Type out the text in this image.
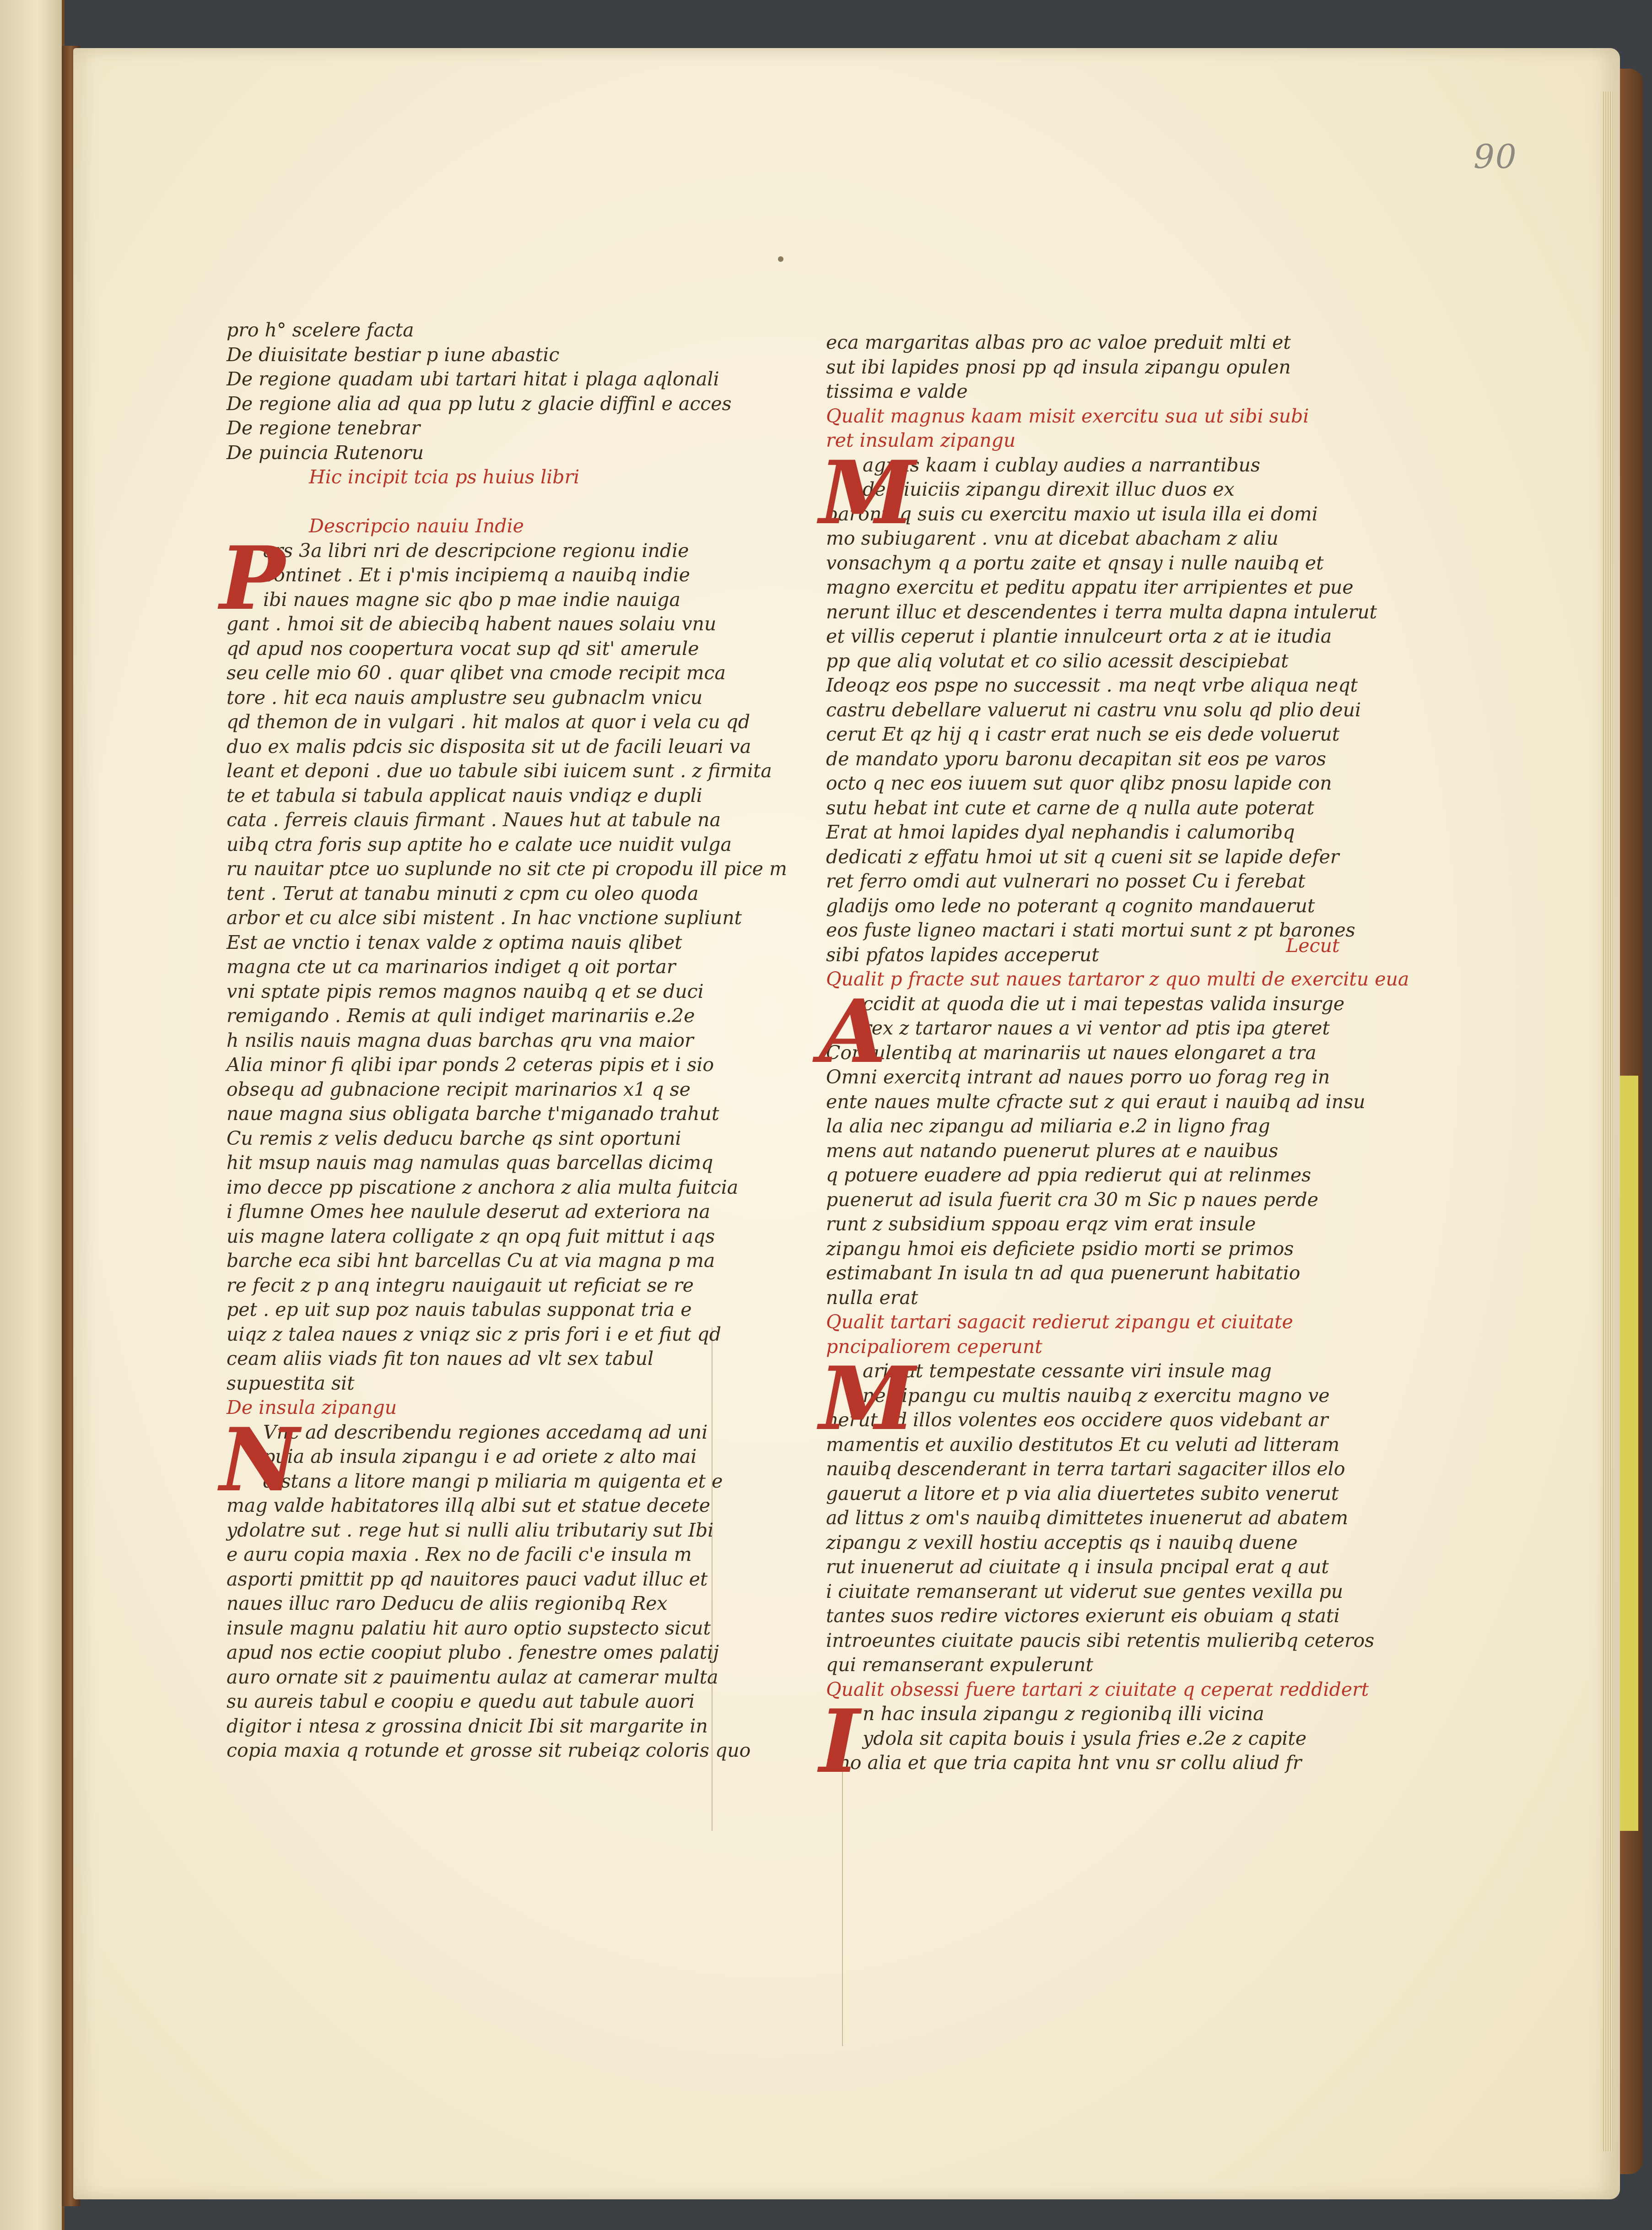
90
pro h° scelere facta
De diuisitate bestiar p iune abastic
De regione quadam ubi tartari hitat i plaga aqlonali
De regione alia ad qua pp lutu z glacie diffinl e acces
De regione tenebrar
De puincia Rutenoru
Hic incipit tcia ps huius libri
Descripcio nauiu Indie
ars 3a libri nri de descripcione regionu indie
continet . Et i p'mis incipiemq a nauibq indie
ibi naues magne sic qbo p mae indie nauiga
gant . hmoi sit de abiecibq habent naues solaiu vnu
qd apud nos coopertura vocat sup qd sit' amerule
seu celle mio 60 . quar qlibet vna cmode recipit mca
tore . hit eca nauis amplustre seu gubnaclm vnicu
qd themon de in vulgari . hit malos at quor i vela cu qd
duo ex malis pdcis sic disposita sit ut de facili leuari va
leant et deponi . due uo tabule sibi iuicem sunt . z firmita
te et tabula si tabula applicat nauis vndiqz e dupli
cata . ferreis clauis firmant . Naues hut at tabule na
uibq ctra foris sup aptite ho e calate uce nuidit vulga
ru nauitar ptce uo suplunde no sit cte pi cropodu ill pice m
tent . Terut at tanabu minuti z cpm cu oleo quoda
arbor et cu alce sibi mistent . In hac vnctione supliunt
Est ae vnctio i tenax valde z optima nauis qlibet
magna cte ut ca marinarios indiget q oit portar
vni sptate pipis remos magnos nauibq q et se duci
remigando . Remis at quli indiget marinariis e.2e
h nsilis nauis magna duas barchas qru vna maior
Alia minor fi qlibi ipar ponds 2 ceteras pipis et i sio
obsequ ad gubnacione recipit marinarios x1 q se
naue magna sius obligata barche t'miganado trahut
Cu remis z velis deducu barche qs sint oportuni
hit msup nauis mag namulas quas barcellas dicimq
imo decce pp piscatione z anchora z alia multa fuitcia
i flumne Omes hee naulule deserut ad exteriora na
uis magne latera colligate z qn opq fuit mittut i aqs
barche eca sibi hnt barcellas Cu at via magna p ma
re fecit z p anq integru nauigauit ut reficiat se re
pet . ep uit sup poz nauis tabulas supponat tria e
uiqz z talea naues z vniqz sic z pris fori i e et fiut qd
ceam aliis viads fit ton naues ad vlt sex tabul
supuestita sit
P
De insula zipangu
Vnc ad describendu regiones accedamq ad uni
puia ab insula zipangu i e ad oriete z alto mai
distans a litore mangi p miliaria m quigenta et e
mag valde habitatores illq albi sut et statue decete
ydolatre sut . rege hut si nulli aliu tributariy sut Ibi
e auru copia maxia . Rex no de facili c'e insula m
asporti pmittit pp qd nauitores pauci vadut illuc et
naues illuc raro Deducu de aliis regionibq Rex
insule magnu palatiu hit auro optio supstecto sicut
apud nos ectie coopiut plubo . fenestre omes palatij
auro ornate sit z pauimentu aulaz at camerar multa
su aureis tabul e coopiu e quedu aut tabule auori
digitor i ntesa z grossina dnicit Ibi sit margarite in
copia maxia q rotunde et grosse sit rubeiqz coloris quo
N
eca margaritas albas pro ac valoe preduit mlti et
sut ibi lapides pnosi pp qd insula zipangu opulen
tissima e valde
Qualit magnus kaam misit exercitu sua ut sibi subi
ret insulam zipangu
agnus kaam i cublay audies a narrantibus
de diuiciis zipangu direxit illuc duos ex
baronibq suis cu exercitu maxio ut isula illa ei domi
mo subiugarent . vnu at dicebat abacham z aliu
vonsachym q a portu zaite et qnsay i nulle nauibq et
magno exercitu et peditu appatu iter arripientes et pue
nerunt illuc et descendentes i terra multa dapna intulerut
et villis ceperut i plantie innulceurt orta z at ie itudia
pp que aliq volutat et co silio acessit descipiebat
Ideoqz eos pspe no successit . ma neqt vrbe aliqua neqt
castru debellare valuerut ni castru vnu solu qd plio deui
cerut Et qz hij q i castr erat nuch se eis dede voluerut
de mandato yporu baronu decapitan sit eos pe varos
octo q nec eos iuuem sut quor qlibz pnosu lapide con
sutu hebat int cute et carne de q nulla aute poterat
Erat at hmoi lapides dyal nephandis i calumoribq
dedicati z effatu hmoi ut sit q cueni sit se lapide defer
ret ferro omdi aut vulnerari no posset Cu i ferebat
gladijs omo lede no poterant q cognito mandauerut
eos fuste ligneo mactari i stati mortui sunt z pt barones
sibi pfatos lapides acceperut
M
Qualit p fracte sut naues tartaror z quo multi de exercitu eua
ccidit at quoda die ut i mai tepestas valida insurge
rex z tartaror naues a vi ventor ad ptis ipa gteret
Consulentibq at marinariis ut naues elongaret a tra
Omni exercitq intrant ad naues porro uo forag reg in
ente naues multe cfracte sut z qui eraut i nauibq ad insu
la alia nec zipangu ad miliaria e.2 in ligno frag
mens aut natando puenerut plures at e nauibus
q potuere euadere ad ppia redierut qui at relinmes
puenerut ad isula fuerit cra 30 m Sic p naues perde
runt z subsidium sppoau erqz vim erat insule
zipangu hmoi eis deficiete psidio morti se primos
estimabant In isula tn ad qua puenerunt habitatio
nulla erat
A
Qualit tartari sagacit redierut zipangu et ciuitate
pncipaliorem ceperunt
aris at tempestate cessante viri insule mag
ne zipangu cu multis nauibq z exercitu magno ve
nerut ad illos volentes eos occidere quos videbant ar
mamentis et auxilio destitutos Et cu veluti ad litteram
nauibq descenderant in terra tartari sagaciter illos elo
gauerut a litore et p via alia diuertetes subito venerut
ad littus z om's nauibq dimittetes inuenerut ad abatem
zipangu z vexill hostiu acceptis qs i nauibq duene
rut inuenerut ad ciuitate q i insula pncipal erat q aut
i ciuitate remanserant ut viderut sue gentes vexilla pu
tantes suos redire victores exierunt eis obuiam q stati
introeuntes ciuitate paucis sibi retentis mulieribq ceteros
qui remanserant expulerunt
M
Qualit obsessi fuere tartari z ciuitate q ceperat reddidert
n hac insula zipangu z regionibq illi vicina
ydola sit capita bouis i ysula fries e.2e z capite
uno alia et que tria capita hnt vnu sr collu aliud fr
I
Lecut
